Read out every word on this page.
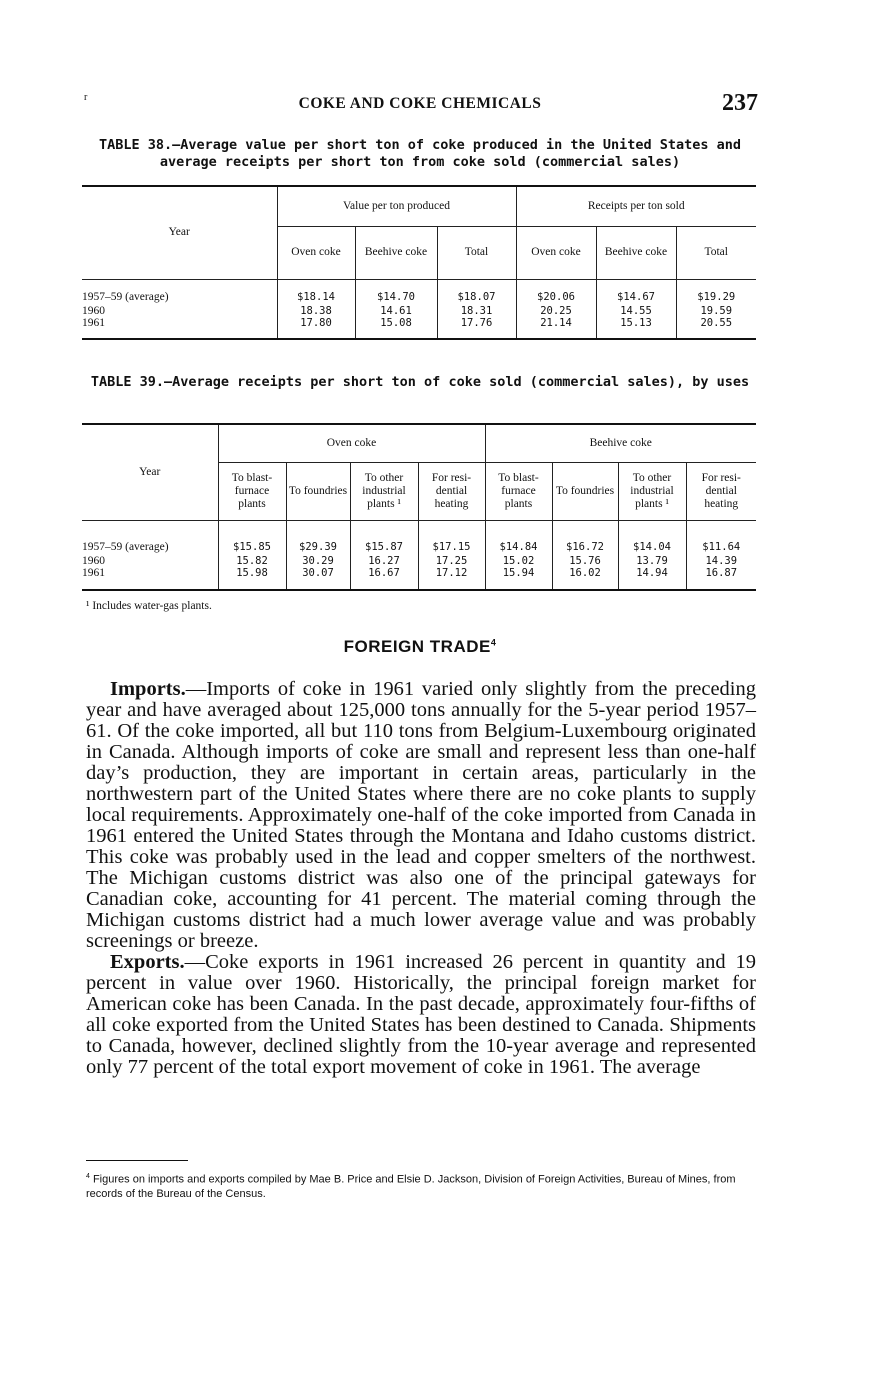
r	COKE AND COKE CHEMICALS	237
TABLE 38.—Average value per short ton of coke produced in the United States and average receipts per short ton from coke sold (commercial sales)
Year	Value per ton produced			Receipts per ton sold		
	Oven coke	Beehive coke	Total	Oven coke	Beehive coke	Total
1957–59 (average)	$18.14	$14.70	$18.07	$20.06	$14.67	$19.29
1960	18.38	14.61	18.31	20.25	14.55	19.59
1961	17.80	15.08	17.76	21.14	15.13	20.55
TABLE 39.—Average receipts per short ton of coke sold (commercial sales), by uses
Year	Oven coke				Beehive coke			
	To blast-furnace plants	To foundries	To other industrial plants ¹	For resi-dential heating	To blast-furnace plants	To foundries	To other industrial plants ¹	For resi-dential heating
1957–59 (average)	$15.85	$29.39	$15.87	$17.15	$14.84	$16.72	$14.04	$11.64
1960	15.82	30.29	16.27	17.25	15.02	15.76	13.79	14.39
1961	15.98	30.07	16.67	17.12	15.94	16.02	14.94	16.87
¹ Includes water-gas plants.
FOREIGN TRADE$^4$

Imports.—Imports of coke in 1961 varied only slightly from the preceding year and have averaged about 125,000 tons annually for the 5-year period 1957–61. Of the coke imported, all but 110 tons from Belgium-Luxembourg originated in Canada. Although imports of coke are small and represent less than one-half day’s production, they are important in certain areas, particularly in the northwestern part of the United States where there are no coke plants to supply local requirements. Approximately one-half of the coke imported from Canada in 1961 entered the United States through the Montana and Idaho customs district. This coke was probably used in the lead and copper smelters of the northwest. The Michigan customs district was also one of the principal gateways for Canadian coke, accounting for 41 percent. The material coming through the Michigan customs district had a much lower average value and was probably screenings or breeze.

Exports.—Coke exports in 1961 increased 26 percent in quantity and 19 percent in value over 1960. Historically, the principal foreign market for American coke has been Canada. In the past decade, approximately four-fifths of all coke exported from the United States has been destined to Canada. Shipments to Canada, however, declined slightly from the 10-year average and represented only 77 percent of the total export movement of coke in 1961. The average

$^4$ Figures on imports and exports compiled by Mae B. Price and Elsie D. Jackson, Division of Foreign Activities, Bureau of Mines, from records of the Bureau of the Census.
